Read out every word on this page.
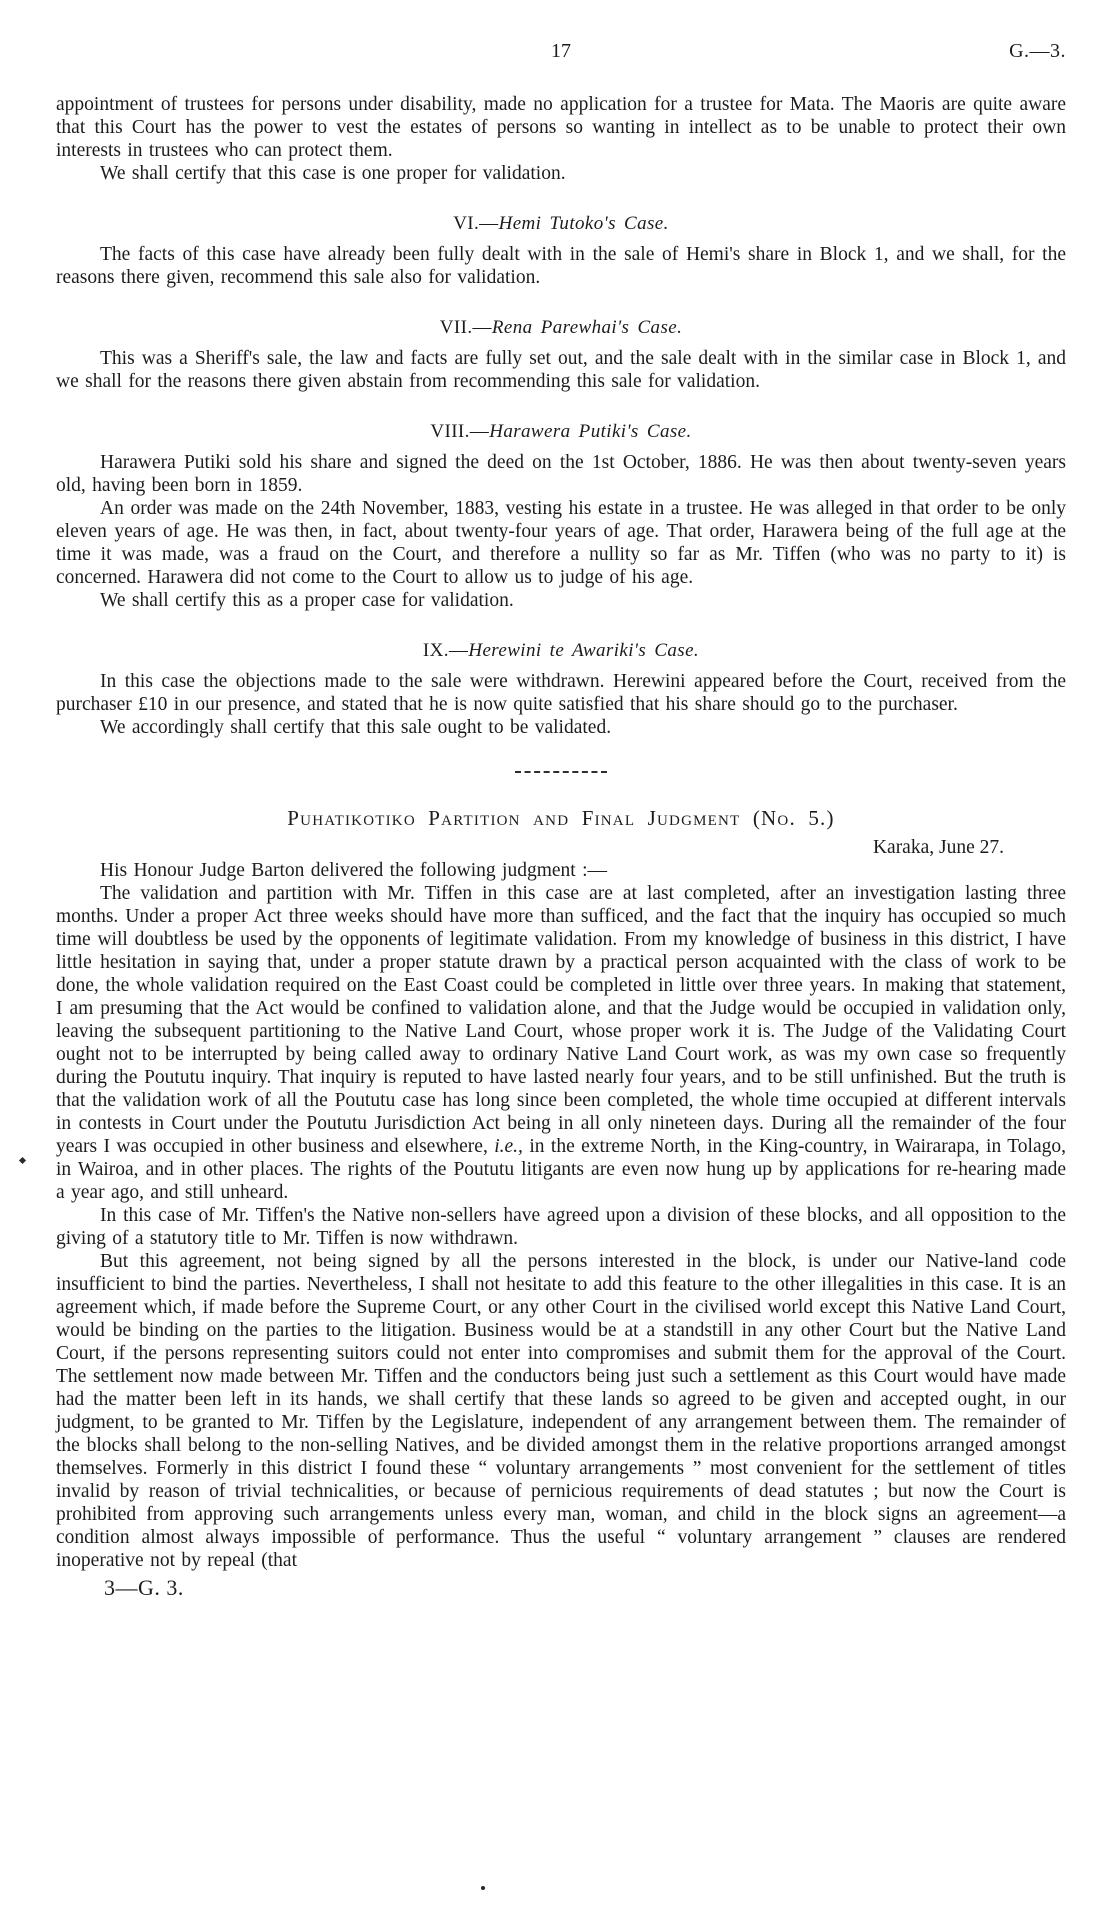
17	G.—3.

appointment of trustees for persons under disability, made no application for a trustee for Mata. The Maoris are quite aware that this Court has the power to vest the estates of persons so wanting in intellect as to be unable to protect their own interests in trustees who can protect them.

We shall certify that this case is one proper for validation.

VI.—Hemi Tutoko's Case.

The facts of this case have already been fully dealt with in the sale of Hemi's share in Block 1, and we shall, for the reasons there given, recommend this sale also for validation.

VII.—Rena Parewhai's Case.

This was a Sheriff's sale, the law and facts are fully set out, and the sale dealt with in the similar case in Block 1, and we shall for the reasons there given abstain from recommending this sale for validation.

VIII.—Harawera Putiki's Case.

Harawera Putiki sold his share and signed the deed on the 1st October, 1886. He was then about twenty-seven years old, having been born in 1859.

An order was made on the 24th November, 1883, vesting his estate in a trustee. He was alleged in that order to be only eleven years of age. He was then, in fact, about twenty-four years of age. That order, Harawera being of the full age at the time it was made, was a fraud on the Court, and therefore a nullity so far as Mr. Tiffen (who was no party to it) is concerned. Harawera did not come to the Court to allow us to judge of his age.

We shall certify this as a proper case for validation.

IX.—Herewini te Awariki's Case.

In this case the objections made to the sale were withdrawn. Herewini appeared before the Court, received from the purchaser £10 in our presence, and stated that he is now quite satisfied that his share should go to the purchaser.

We accordingly shall certify that this sale ought to be validated.

Puhatikotiko Partition and Final Judgment (No. 5.)

Karaka, June 27.

His Honour Judge Barton delivered the following judgment :—

The validation and partition with Mr. Tiffen in this case are at last completed, after an investigation lasting three months. Under a proper Act three weeks should have more than sufficed, and the fact that the inquiry has occupied so much time will doubtless be used by the opponents of legitimate validation. From my knowledge of business in this district, I have little hesitation in saying that, under a proper statute drawn by a practical person acquainted with the class of work to be done, the whole validation required on the East Coast could be completed in little over three years. In making that statement, I am presuming that the Act would be confined to validation alone, and that the Judge would be occupied in validation only, leaving the subsequent partitioning to the Native Land Court, whose proper work it is. The Judge of the Validating Court ought not to be interrupted by being called away to ordinary Native Land Court work, as was my own case so frequently during the Poututu inquiry. That inquiry is reputed to have lasted nearly four years, and to be still unfinished. But the truth is that the validation work of all the Poututu case has long since been completed, the whole time occupied at different intervals in contests in Court under the Poututu Jurisdiction Act being in all only nineteen days. During all the remainder of the four years I was occupied in other business and elsewhere, i.e., in the extreme North, in the King-country, in Wairarapa, in Tolago, in Wairoa, and in other places. The rights of the Poututu litigants are even now hung up by applications for re-hearing made a year ago, and still unheard.

In this case of Mr. Tiffen's the Native non-sellers have agreed upon a division of these blocks, and all opposition to the giving of a statutory title to Mr. Tiffen is now withdrawn.

But this agreement, not being signed by all the persons interested in the block, is under our Native-land code insufficient to bind the parties. Nevertheless, I shall not hesitate to add this feature to the other illegalities in this case. It is an agreement which, if made before the Supreme Court, or any other Court in the civilised world except this Native Land Court, would be binding on the parties to the litigation. Business would be at a standstill in any other Court but the Native Land Court, if the persons representing suitors could not enter into compromises and submit them for the approval of the Court. The settlement now made between Mr. Tiffen and the conductors being just such a settlement as this Court would have made had the matter been left in its hands, we shall certify that these lands so agreed to be given and accepted ought, in our judgment, to be granted to Mr. Tiffen by the Legislature, independent of any arrangement between them. The remainder of the blocks shall belong to the non-selling Natives, and be divided amongst them in the relative proportions arranged amongst themselves. Formerly in this district I found these “ voluntary arrangements ” most convenient for the settlement of titles invalid by reason of trivial technicalities, or because of pernicious requirements of dead statutes ; but now the Court is prohibited from approving such arrangements unless every man, woman, and child in the block signs an agreement—a condition almost always impossible of performance. Thus the useful “ voluntary arrangement ” clauses are rendered inoperative not by repeal (that

3—G. 3.
